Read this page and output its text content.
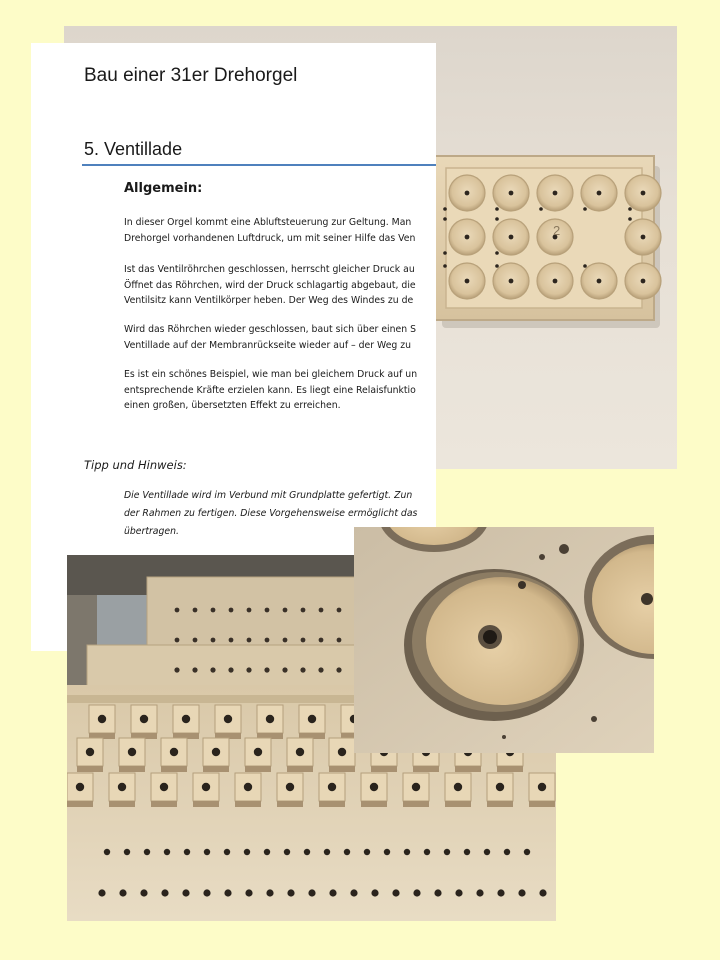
2
Bau einer 31er Drehorgel
5. Ventillade
Allgemein:
In dieser Orgel kommt eine Abluftsteuerung zur Geltung. Man
Drehorgel vorhandenen Luftdruck, um mit seiner Hilfe das Ven
Ist das Ventilröhrchen geschlossen, herrscht gleicher Druck au
Öffnet das Röhrchen, wird der Druck schlagartig abgebaut, die
Ventilsitz kann Ventilkörper heben. Der Weg des Windes zu de
Wird das Röhrchen wieder geschlossen, baut sich über einen S
Ventillade auf der Membranrückseite wieder auf – der Weg zu
Es ist ein schönes Beispiel, wie man bei gleichem Druck auf un
entsprechende Kräfte erzielen kann. Es liegt eine Relaisfunktio
einen großen, übersetzten Effekt zu erreichen.
Tipp und Hinweis:
Die Ventillade wird im Verbund mit Grundplatte gefertigt. Zun
der Rahmen zu fertigen. Diese Vorgehensweise ermöglicht das
übertragen.
